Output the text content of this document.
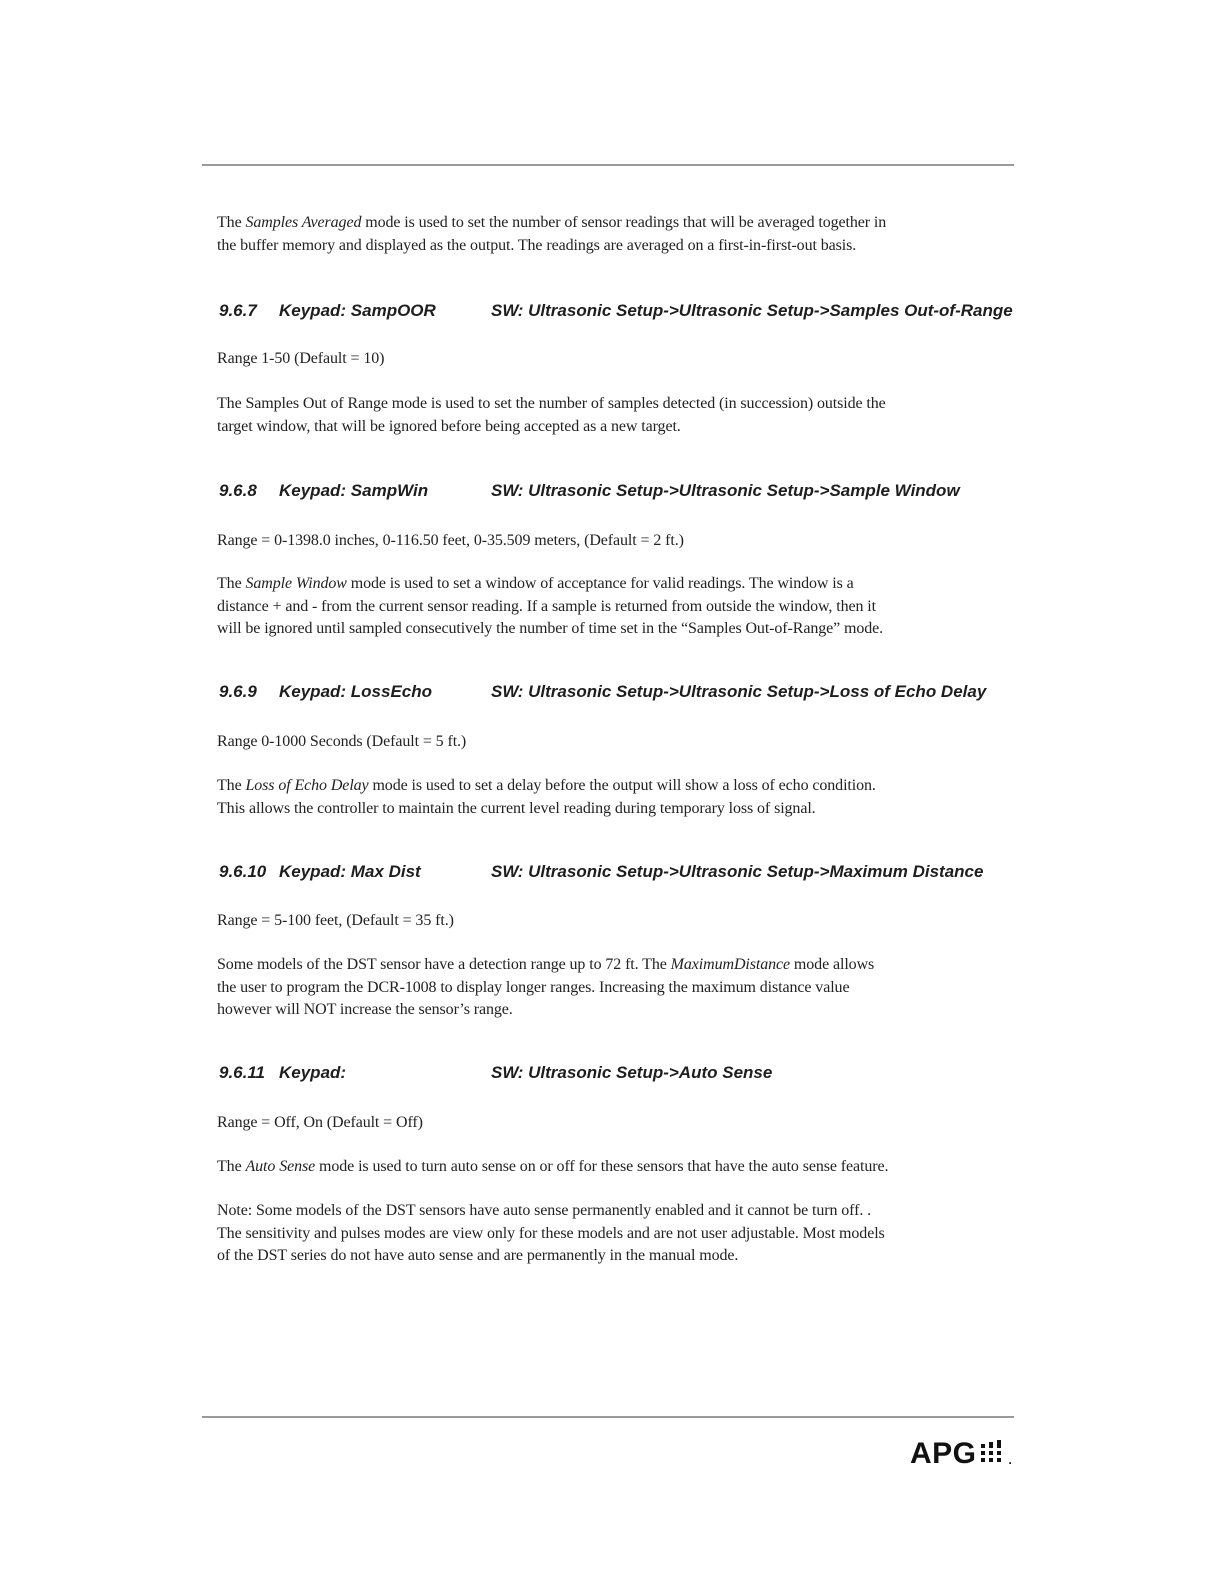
The Samples Averaged mode is used to set the number of sensor readings that will be averaged together in
the buffer memory and displayed as the output. The readings are averaged on a first-in-first-out basis.
9.6.7 Keypad: SampOOR	SW: Ultrasonic Setup->Ultrasonic Setup->Samples Out-of-Range
Range 1-50 (Default = 10)
The Samples Out of Range mode is used to set the number of samples detected (in succession) outside the
target window, that will be ignored before being accepted as a new target.
9.6.8 Keypad: SampWin	SW: Ultrasonic Setup->Ultrasonic Setup->Sample Window
Range = 0-1398.0 inches, 0-116.50 feet, 0-35.509 meters, (Default = 2 ft.)
The Sample Window mode is used to set a window of acceptance for valid readings. The window is a
distance + and - from the current sensor reading. If a sample is returned from outside the window, then it
will be ignored until sampled consecutively the number of time set in the “Samples Out-of-Range” mode.
9.6.9 Keypad: LossEcho	SW: Ultrasonic Setup->Ultrasonic Setup->Loss of Echo Delay
Range 0-1000 Seconds (Default = 5 ft.)
The Loss of Echo Delay mode is used to set a delay before the output will show a loss of echo condition.
This allows the controller to maintain the current level reading during temporary loss of signal.
9.6.10 Keypad: Max Dist	SW: Ultrasonic Setup->Ultrasonic Setup->Maximum Distance
Range = 5-100 feet, (Default = 35 ft.)
Some models of the DST sensor have a detection range up to 72 ft. The MaximumDistance mode allows
the user to program the DCR-1008 to display longer ranges. Increasing the maximum distance value
however will NOT increase the sensor’s range.
9.6.11 Keypad:	SW: Ultrasonic Setup->Auto Sense
Range = Off, On (Default = Off)
The Auto Sense mode is used to turn auto sense on or off for these sensors that have the auto sense feature.
Note: Some models of the DST sensors have auto sense permanently enabled and it cannot be turn off. .
The sensitivity and pulses modes are view only for these models and are not user adjustable. Most models
of the DST series do not have auto sense and are permanently in the manual mode.
APG	.
